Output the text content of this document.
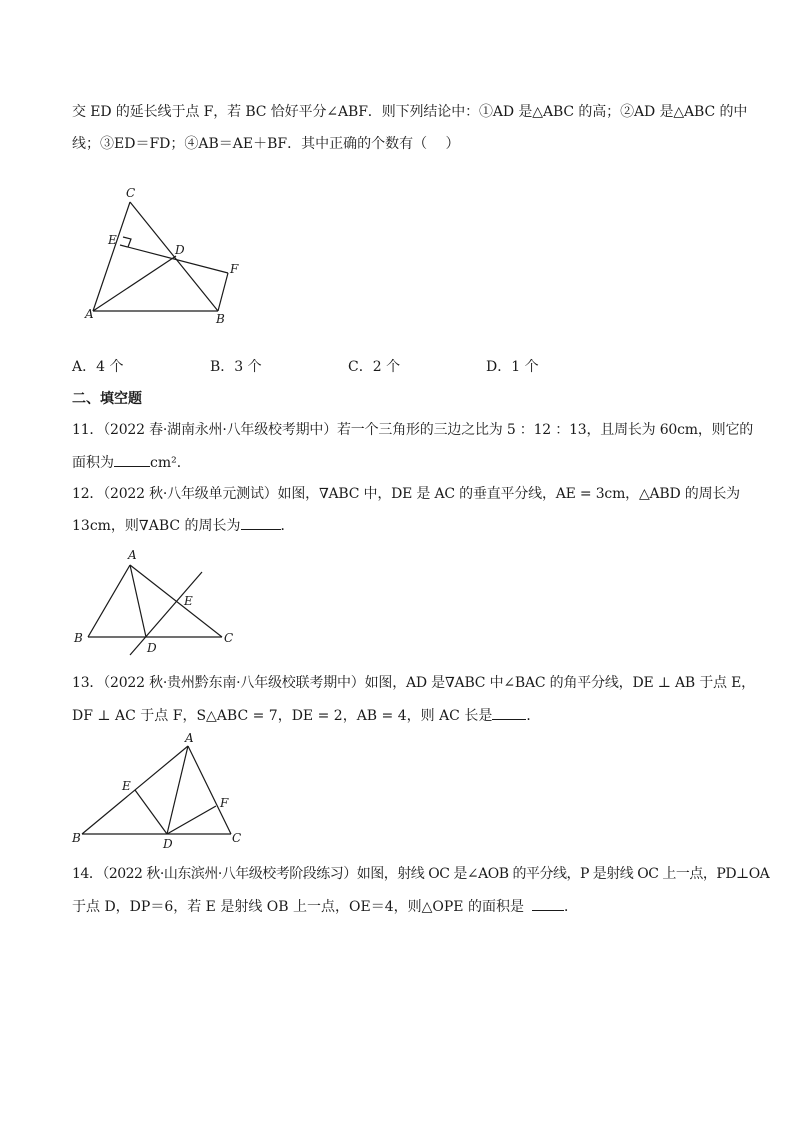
交 ED 的延长线于点 F，若 BC 恰好平分∠ABF．则下列结论中：①AD 是△ABC 的高；②AD 是△ABC 的中
线；③ED＝FD；④AB＝AE＋BF．其中正确的个数有（　 ）
C
E
D
F
A	B
A．4 个	B．3 个	C．2 个	D．1 个
二、填空题
11．（2022 春·湖南永州·八年级校考期中）若一个三角形的三边之比为 5 ：12 ：13，且周长为 60cm，则它的
面积为	cm²．
12．（2022 秋·八年级单元测试）如图，∇ABC 中，DE 是 AC 的垂直平分线，AE = 3cm，△ABD 的周长为
13cm，则∇ABC 的周长为	．
A
E
B
D
C
13．（2022 秋·贵州黔东南·八年级校联考期中）如图，AD 是∇ABC 中∠BAC 的角平分线，DE ⊥ AB 于点 E，
DF ⊥ AC 于点 F，S△ABC = 7，DE = 2，AB = 4，则 AC 长是 ．
A
E
F
B	D	C
14．（2022 秋·山东滨州·八年级校考阶段练习）如图，射线 OC 是∠AOB 的平分线，P 是射线 OC 上一点，PD⊥OA
于点 D，DP＝6，若 E 是射线 OB 上一点，OE＝4，则△OPE 的面积是	．
